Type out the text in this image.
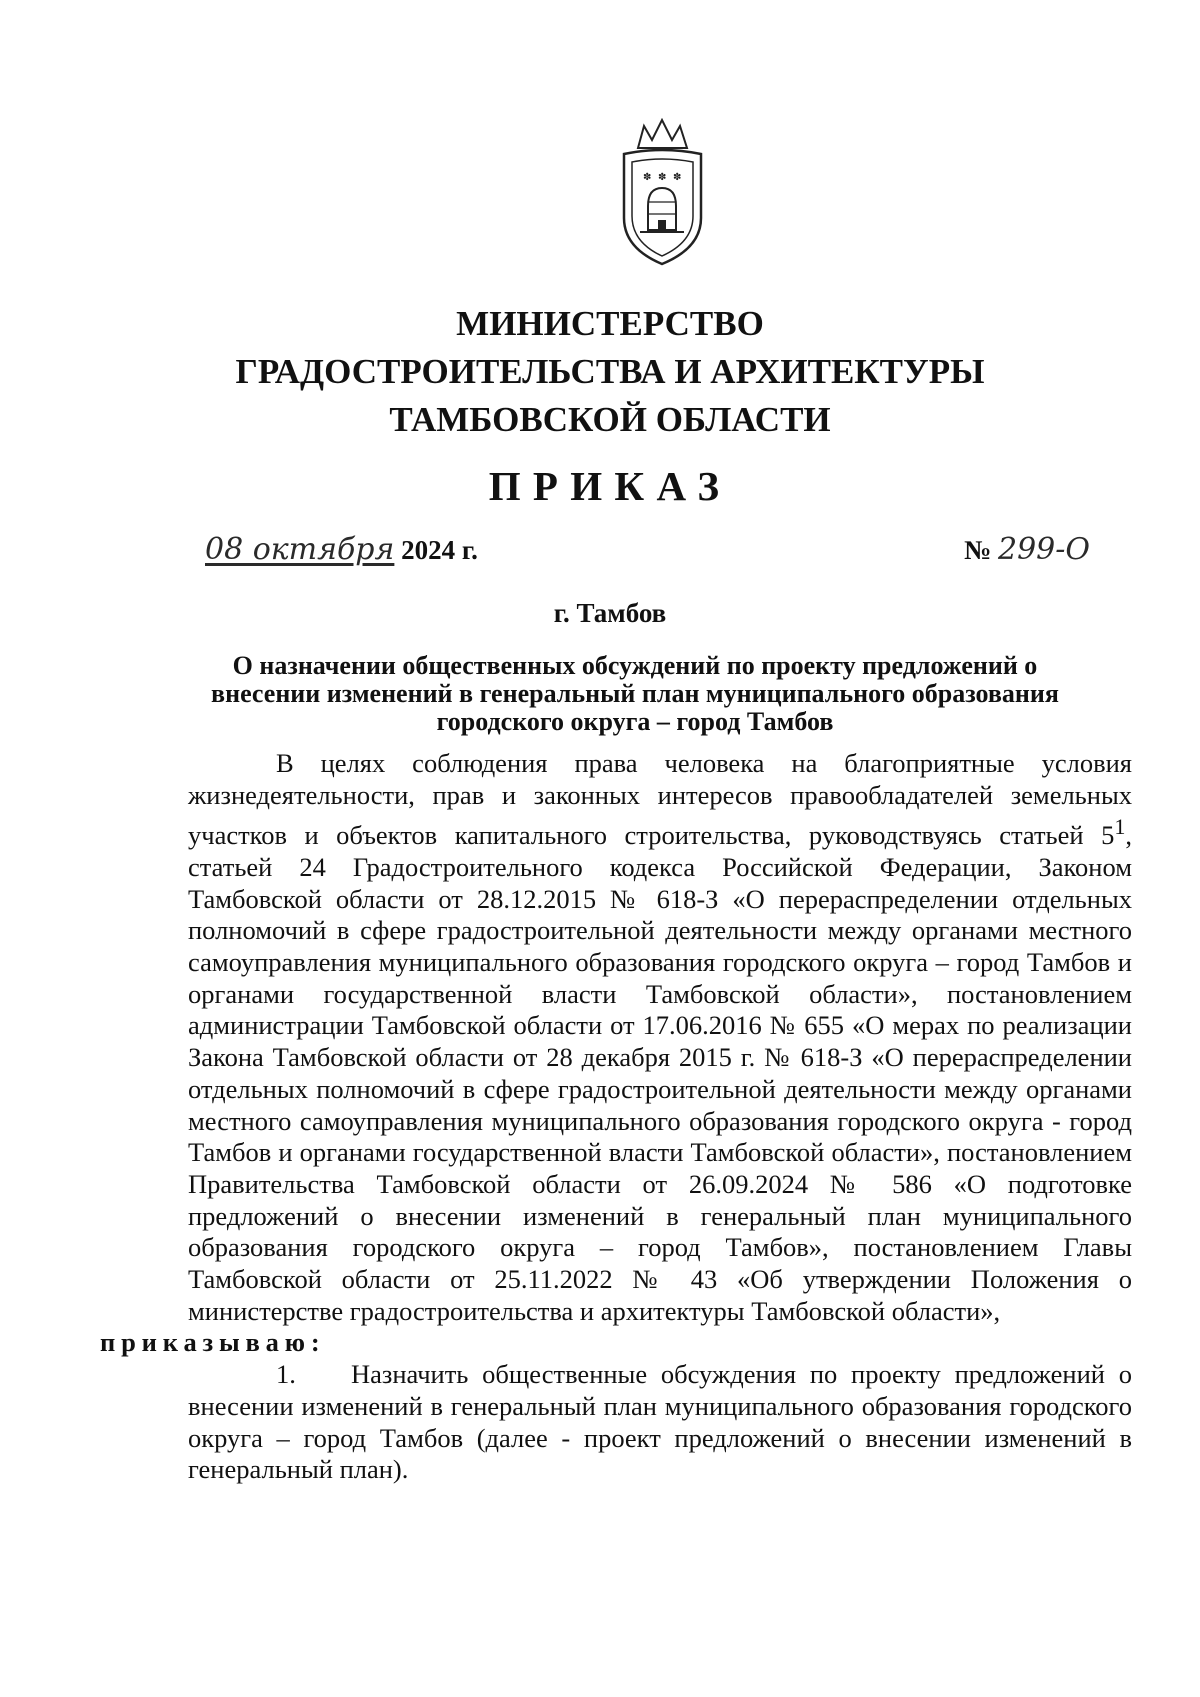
✽ ✽ ✽
МИНИСТЕРСТВО
ГРАДОСТРОИТЕЛЬСТВА И АРХИТЕКТУРЫ
ТАМБОВСКОЙ ОБЛАСТИ
ПРИКАЗ
08 октября 2024 г.	№ 299-О
г. Тамбов
О назначении общественных обсуждений по проекту предложений о внесении изменений в генеральный план муниципального образования городского округа – город Тамбов

В целях соблюдения права человека на благоприятные условия жизнедеятельности, прав и законных интересов правообладателей земельных участков и объектов капитального строительства, руководствуясь статьей $5^1$, статьей 24 Градостроительного кодекса Российской Федерации, Законом Тамбовской области от 28.12.2015 № 618-З «О перераспределении отдельных полномочий в сфере градостроительной деятельности между органами местного самоуправления муниципального образования городского округа – город Тамбов и органами государственной власти Тамбовской области», постановлением администрации Тамбовской области от 17.06.2016 № 655 «О мерах по реализации Закона Тамбовской области от 28 декабря 2015 г. № 618-З «О перераспределении отдельных полномочий в сфере градостроительной деятельности между органами местного самоуправления муниципального образования городского округа - город Тамбов и органами государственной власти Тамбовской области», постановлением Правительства Тамбовской области от 26.09.2024 № 586 «О подготовке предложений о внесении изменений в генеральный план муниципального образования городского округа – город Тамбов», постановлением Главы Тамбовской области от 25.11.2022 № 43 «Об утверждении Положения о министерстве градостроительства и архитектуры Тамбовской области»,
приказываю:

1. Назначить общественные обсуждения по проекту предложений о внесении изменений в генеральный план муниципального образования городского округа – город Тамбов (далее - проект предложений о внесении изменений в генеральный план).
